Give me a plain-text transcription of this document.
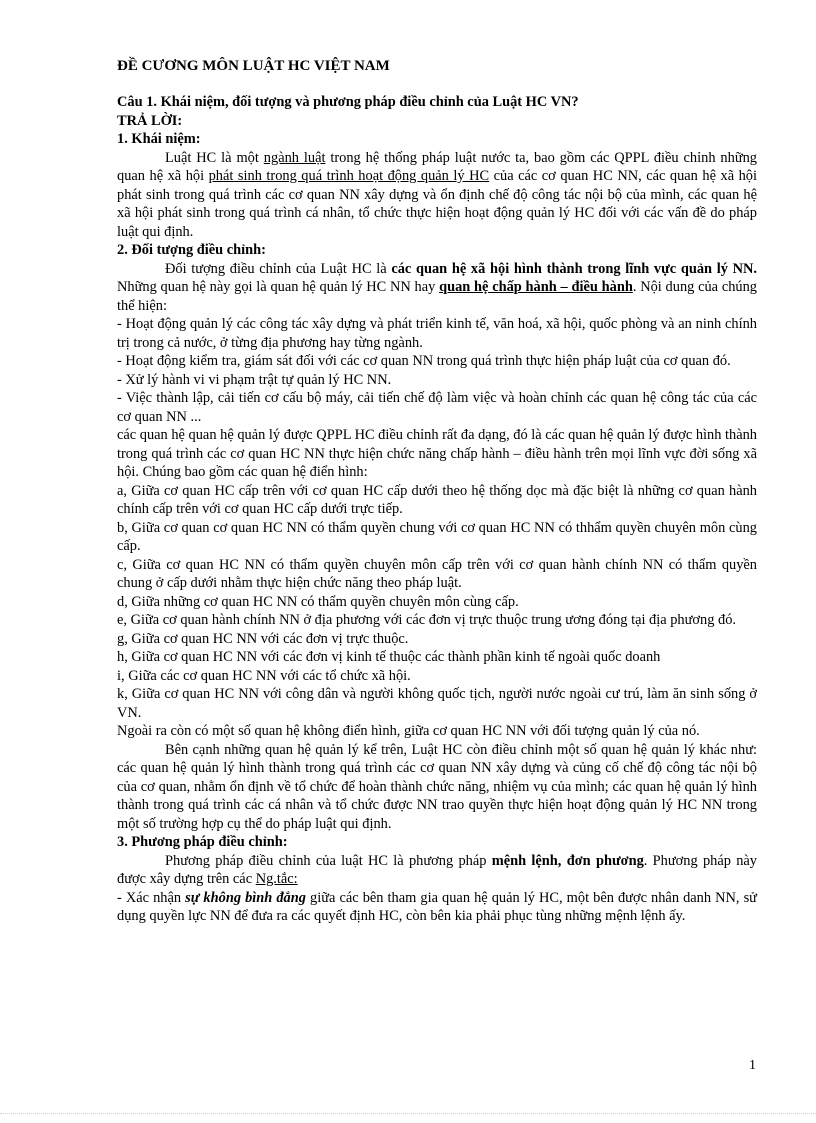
ĐỀ CƯƠNG MÔN LUẬT HC VIỆT NAM

Câu 1. Khái niệm, đối tượng và phương pháp điều chỉnh của Luật HC VN?

TRẢ LỜI:

1. Khái niệm:

Luật HC là một ngành luật trong hệ thống pháp luật nước ta, bao gồm các QPPL điều chỉnh những quan hệ xã hội phát sinh trong quá trình hoạt động quản lý HC của các cơ quan HC NN, các quan hệ xã hội phát sinh trong quá trình các cơ quan NN xây dựng và ổn định chế độ công tác nội bộ của mình, các quan hệ xã hội phát sinh trong quá trình cá nhân, tổ chức thực hiện hoạt động quản lý HC đối với các vấn đề do pháp luật qui định.

2. Đối tượng điều chỉnh:

Đối tượng điều chỉnh của Luật HC là các quan hệ xã hội hình thành trong lĩnh vực quản lý NN. Những quan hệ này gọi là quan hệ quản lý HC NN hay quan hệ chấp hành – điều hành. Nội dung của chúng thể hiện:

- Hoạt động quản lý các công tác xây dựng và phát triển kinh tế, văn hoá, xã hội, quốc phòng và an ninh chính trị trong cả nước, ở từng địa phương hay từng ngành.

- Hoạt động kiểm tra, giám sát đối với các cơ quan NN trong quá trình thực hiện pháp luật của cơ quan đó.

- Xử lý hành vi vi phạm trật tự quản lý HC NN.

- Việc thành lập, cải tiến cơ cấu bộ máy, cải tiến chế độ làm việc và hoàn chỉnh các quan hệ công tác của các cơ quan NN ...

các quan hệ quan hệ quản lý được QPPL HC điều chỉnh rất đa dạng, đó là các quan hệ quản lý được hình thành trong quá trình các cơ quan HC NN thực hiện chức năng chấp hành – điều hành trên mọi lĩnh vực đời sống xã hội. Chúng bao gồm các quan hệ điển hình:

a, Giữa cơ quan HC cấp trên với cơ quan HC cấp dưới theo hệ thống dọc mà đặc biệt là những cơ quan hành chính cấp trên với cơ quan HC cấp dưới trực tiếp.

b, Giữa cơ quan cơ quan HC NN có thẩm quyền chung với cơ quan HC NN có thhẩm quyền chuyên môn cùng cấp.

c, Giữa cơ quan HC NN có thẩm quyền chuyên môn cấp trên với cơ quan hành chính NN có thẩm quyền chung ở cấp dưới nhằm thực hiện chức năng theo pháp luật.

d, Giữa những cơ quan HC NN có thẩm quyền chuyên môn cùng cấp.

e, Giữa cơ quan hành chính NN ở địa phương với các đơn vị trực thuộc trung ương đóng tại địa phương đó.

g, Giữa cơ quan HC NN với các đơn vị trực thuộc.

h, Giữa cơ quan HC NN với các đơn vị kinh tế thuộc các thành phần kinh tế ngoài quốc doanh

i, Giữa các cơ quan HC NN với các tổ chức xã hội.

k, Giữa cơ quan HC NN với công dân và người không quốc tịch, người nước ngoài cư trú, làm ăn sinh sống ở VN.

Ngoài ra còn có một số quan hệ không điển hình, giữa cơ quan HC NN với đối tượng quản lý của nó.

Bên cạnh những quan hệ quản lý kể trên, Luật HC còn điều chỉnh một số quan hệ quản lý khác như: các quan hệ quản lý hình thành trong quá trình các cơ quan NN xây dựng và củng cố chế độ công tác nội bộ của cơ quan, nhằm ổn định về tổ chức để hoàn thành chức năng, nhiệm vụ của mình; các quan hệ quản lý hình thành trong quá trình các cá nhân và tổ chức được NN trao quyền thực hiện hoạt động quản lý HC NN trong một số trường hợp cụ thể do pháp luật qui định.

3. Phương pháp điều chỉnh:

Phương pháp điều chỉnh của luật HC là phương pháp mệnh lệnh, đơn phương. Phương pháp này được xây dựng trên các Ng.tắc:

- Xác nhận sự không bình đẳng giữa các bên tham gia quan hệ quản lý HC, một bên được nhân danh NN, sử dụng quyền lực NN để đưa ra các quyết định HC, còn bên kia phải phục tùng những mệnh lệnh ấy.

1
